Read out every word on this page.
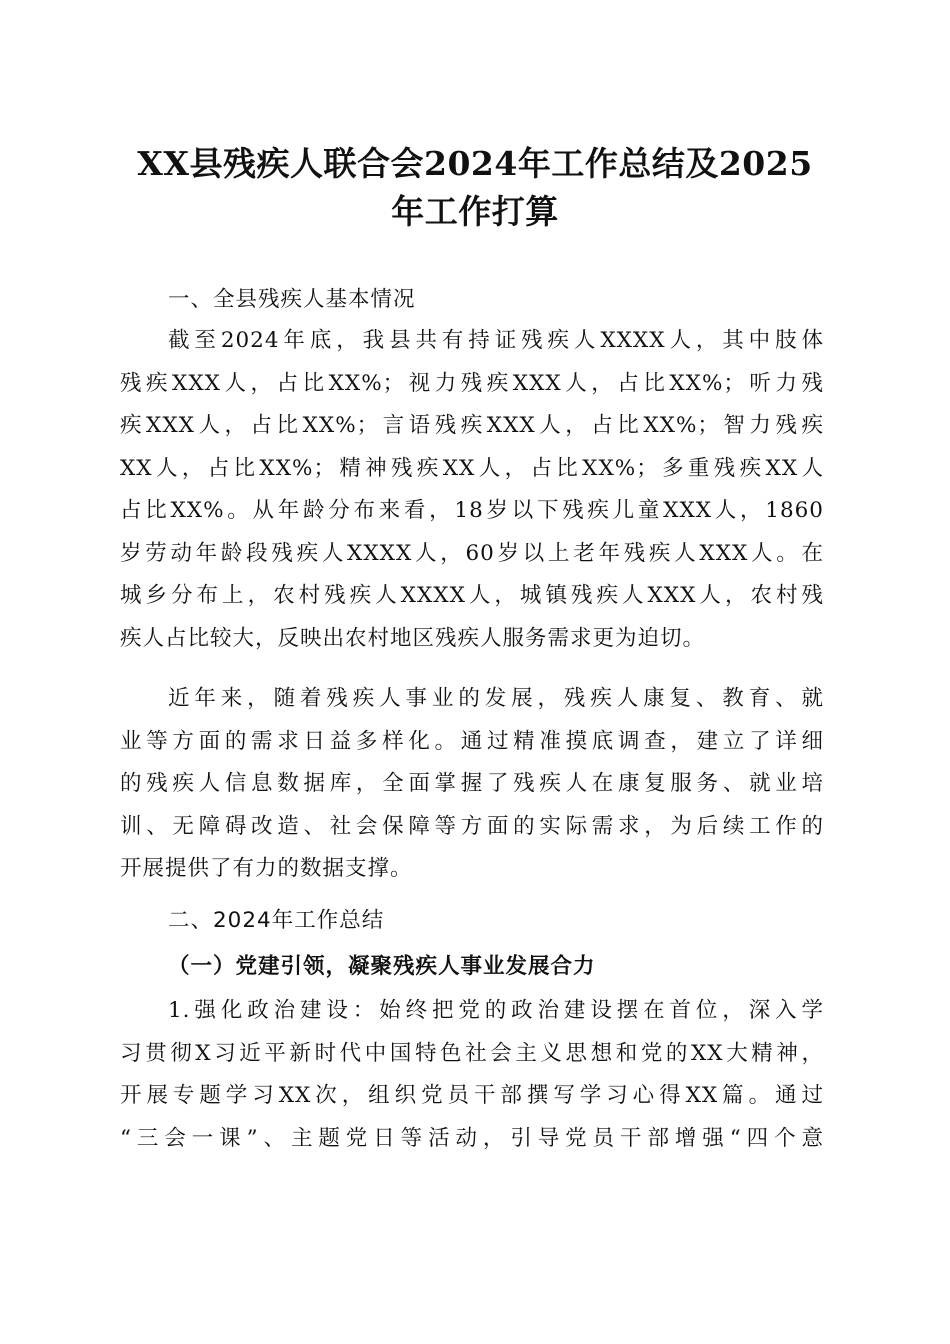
XX县残疾人联合会2024年工作总结及2025
年工作打算
一、全县残疾人基本情况
截至2024年底，我县共有持证残疾人XXXX人，其中肢体
残疾XXX人，占比XX%；视力残疾XXX人，占比XX%；听力残
疾XXX人，占比XX%；言语残疾XXX人，占比XX%；智力残疾
XX人，占比XX%；精神残疾XX人，占比XX%；多重残疾XX人
占比XX%。从年龄分布来看，18岁以下残疾儿童XXX人，1860
岁劳动年龄段残疾人XXXX人，60岁以上老年残疾人XXX人。在
城乡分布上，农村残疾人XXXX人，城镇残疾人XXX人，农村残
疾人占比较大，反映出农村地区残疾人服务需求更为迫切。
近年来，随着残疾人事业的发展，残疾人康复、教育、就
业等方面的需求日益多样化。通过精准摸底调查，建立了详细
的残疾人信息数据库，全面掌握了残疾人在康复服务、就业培
训、无障碍改造、社会保障等方面的实际需求，为后续工作的
开展提供了有力的数据支撑。
二、2024年工作总结
（一）党建引领，凝聚残疾人事业发展合力
1.强化政治建设：始终把党的政治建设摆在首位，深入学
习贯彻X习近平新时代中国特色社会主义思想和党的XX大精神，
开展专题学习XX次，组织党员干部撰写学习心得XX篇。通过
“三会一课”、主题党日等活动，引导党员干部增强“四个意
